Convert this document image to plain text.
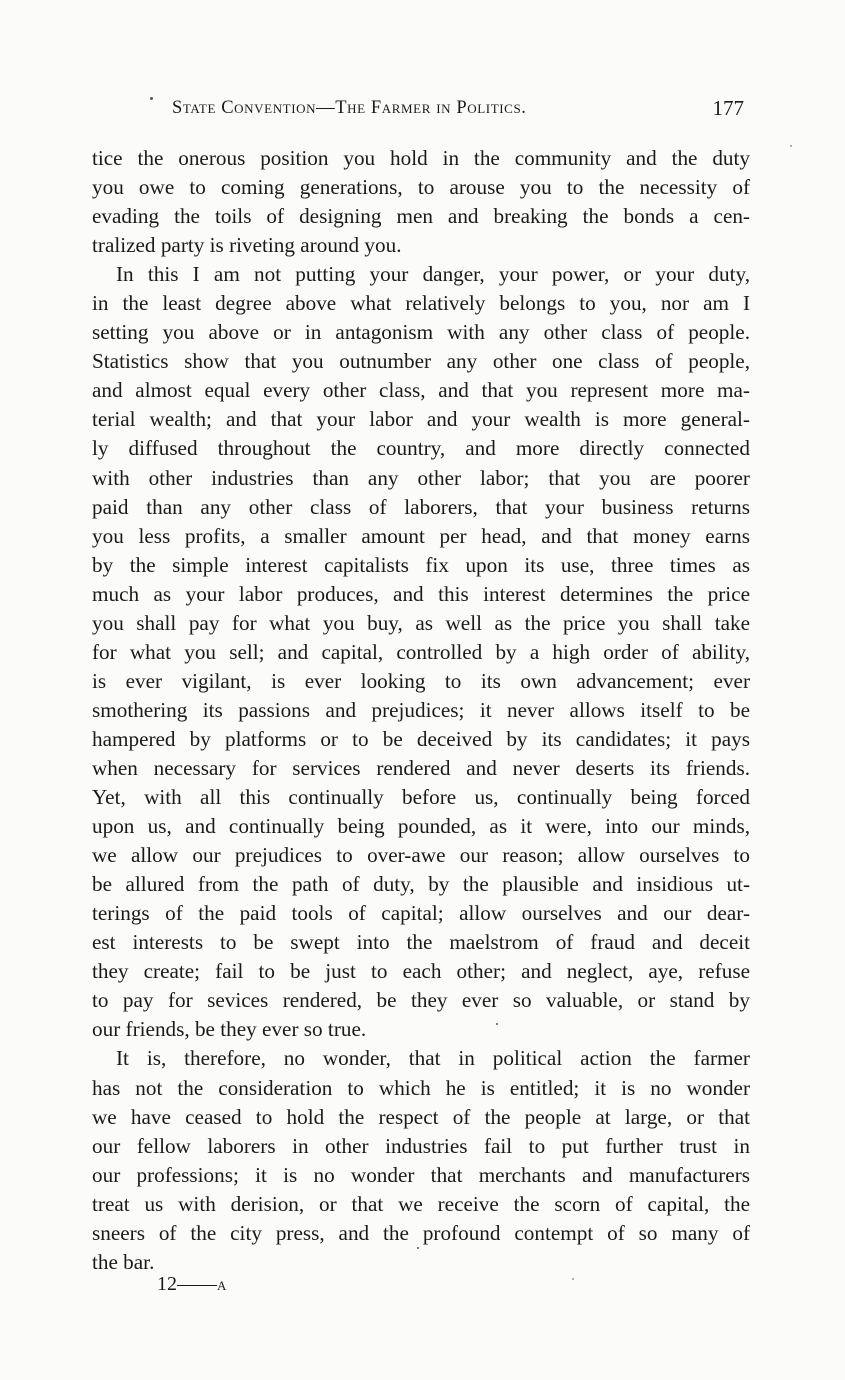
State Convention—The Farmer in Politics.	177
tice the onerous position you hold in the community and the duty
you owe to coming generations, to arouse you to the necessity of
evading the toils of designing men and breaking the bonds a cen-
tralized party is riveting around you.
In this I am not putting your danger, your power, or your duty,
in the least degree above what relatively belongs to you, nor am I
setting you above or in antagonism with any other class of people.
Statistics show that you outnumber any other one class of people,
and almost equal every other class, and that you represent more ma-
terial wealth; and that your labor and your wealth is more general-
ly diffused throughout the country, and more directly connected
with other industries than any other labor; that you are poorer
paid than any other class of laborers, that your business returns
you less profits, a smaller amount per head, and that money earns
by the simple interest capitalists fix upon its use, three times as
much as your labor produces, and this interest determines the price
you shall pay for what you buy, as well as the price you shall take
for what you sell; and capital, controlled by a high order of ability,
is ever vigilant, is ever looking to its own advancement; ever
smothering its passions and prejudices; it never allows itself to be
hampered by platforms or to be deceived by its candidates; it pays
when necessary for services rendered and never deserts its friends.
Yet, with all this continually before us, continually being forced
upon us, and continually being pounded, as it were, into our minds,
we allow our prejudices to over-awe our reason; allow ourselves to
be allured from the path of duty, by the plausible and insidious ut-
terings of the paid tools of capital; allow ourselves and our dear-
est interests to be swept into the maelstrom of fraud and deceit
they create; fail to be just to each other; and neglect, aye, refuse
to pay for sevices rendered, be they ever so valuable, or stand by
our friends, be they ever so true.
It is, therefore, no wonder, that in political action the farmer
has not the consideration to which he is entitled; it is no wonder
we have ceased to hold the respect of the people at large, or that
our fellow laborers in other industries fail to put further trust in
our professions; it is no wonder that merchants and manufacturers
treat us with derision, or that we receive the scorn of capital, the
sneers of the city press, and the profound contempt of so many of
the bar.
12——A
